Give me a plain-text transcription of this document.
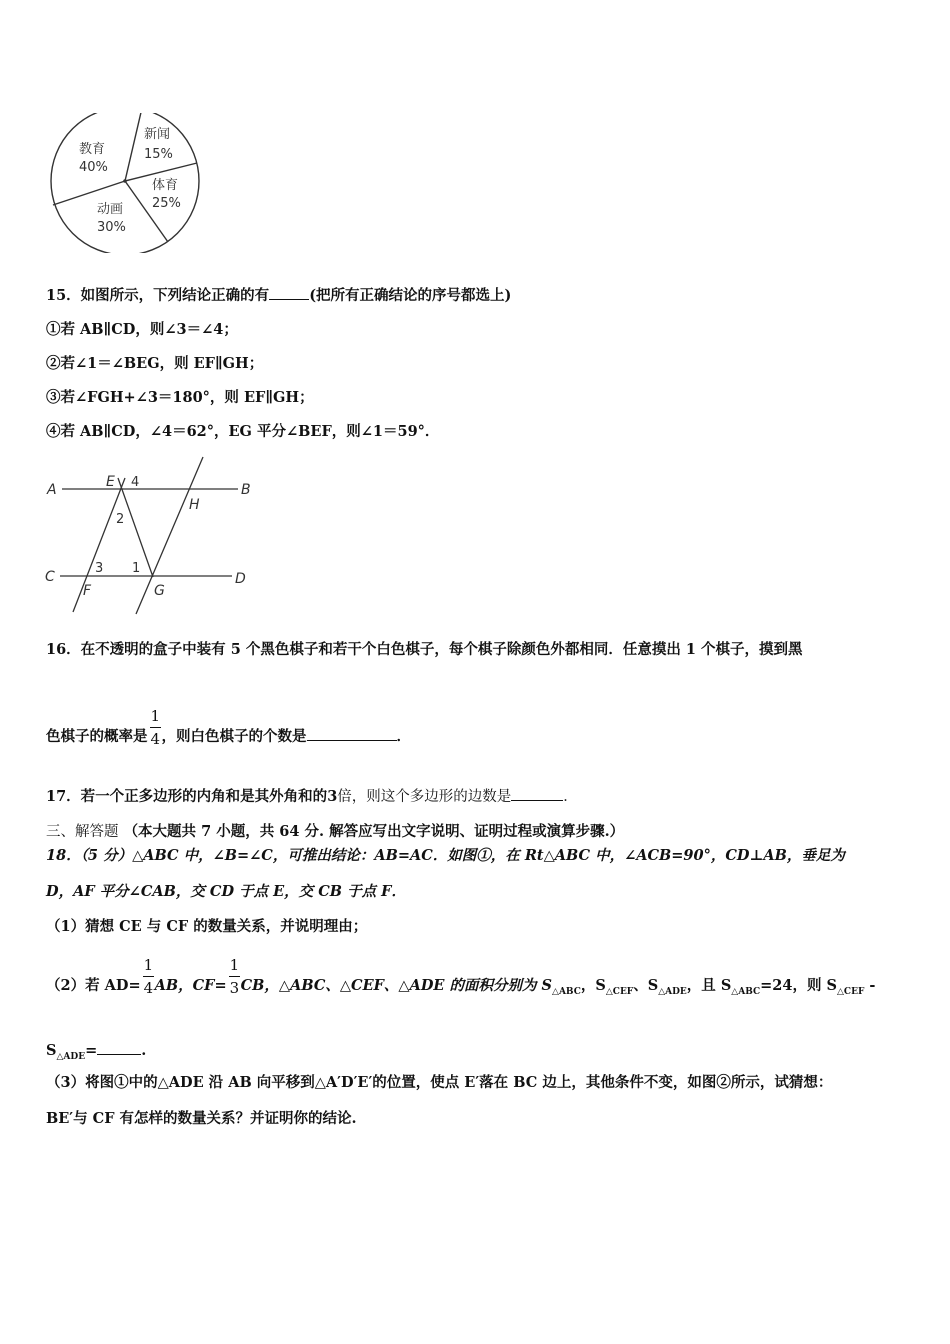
教育
40%
新闻
15%
体育
25%
动画
30%
15．如图所示，下列结论正确的有	(把所有正确结论的序号都选上)
①若 AB∥CD，则∠3＝∠4；
②若∠1＝∠BEG，则 EF∥GH；
③若∠FGH+∠3＝180°，则 EF∥GH；
④若 AB∥CD，∠4＝62°，EG 平分∠BEF，则∠1＝59°．
A	B
C	D
E 4
2
H
3 1
F	G
16．在不透明的盒子中装有 5 个黑色棋子和若干个白色棋子，每个棋子除颜色外都相同．任意摸出 1 个棋子，摸到黑
色棋子的概率是 $\frac{1}{4}$ ，则白色棋子的个数是	．
17．若一个正多边形的内角和是其外角和的3倍，则这个多边形的边数是	．
三、解答题 （本大题共 7 小题，共 64 分. 解答应写出文字说明、证明过程或演算步骤.）
18．（5 分）△ABC 中，∠B=∠C，可推出结论：AB=AC．如图①，在 Rt△ABC 中，∠ACB=90°，CD⊥AB，垂足为
D，AF 平分∠CAB，交 CD 于点 E，交 CB 于点 F．
（1）猜想 CE 与 CF 的数量关系，并说明理由；
（2）若 $AD= \frac{1}{4}$ AB，$CF= \frac{1}{3}$ CB，△ABC、△CEF、△ADE 的面积分别为 $S_{\triangle ABC}$，$S_{\triangle CEF}$、$S_{\triangle ADE}$，且 $S_{\triangle ABC}=24$，则 $S_{\triangle CEF}$ -
$S_{\triangle ADE}=$	.
（3）将图①中的△ADE 沿 AB 向平移到△A′D′E′的位置，使点 E′落在 BC 边上，其他条件不变，如图②所示，试猜想：
BE′与 CF 有怎样的数量关系？并证明你的结论.
